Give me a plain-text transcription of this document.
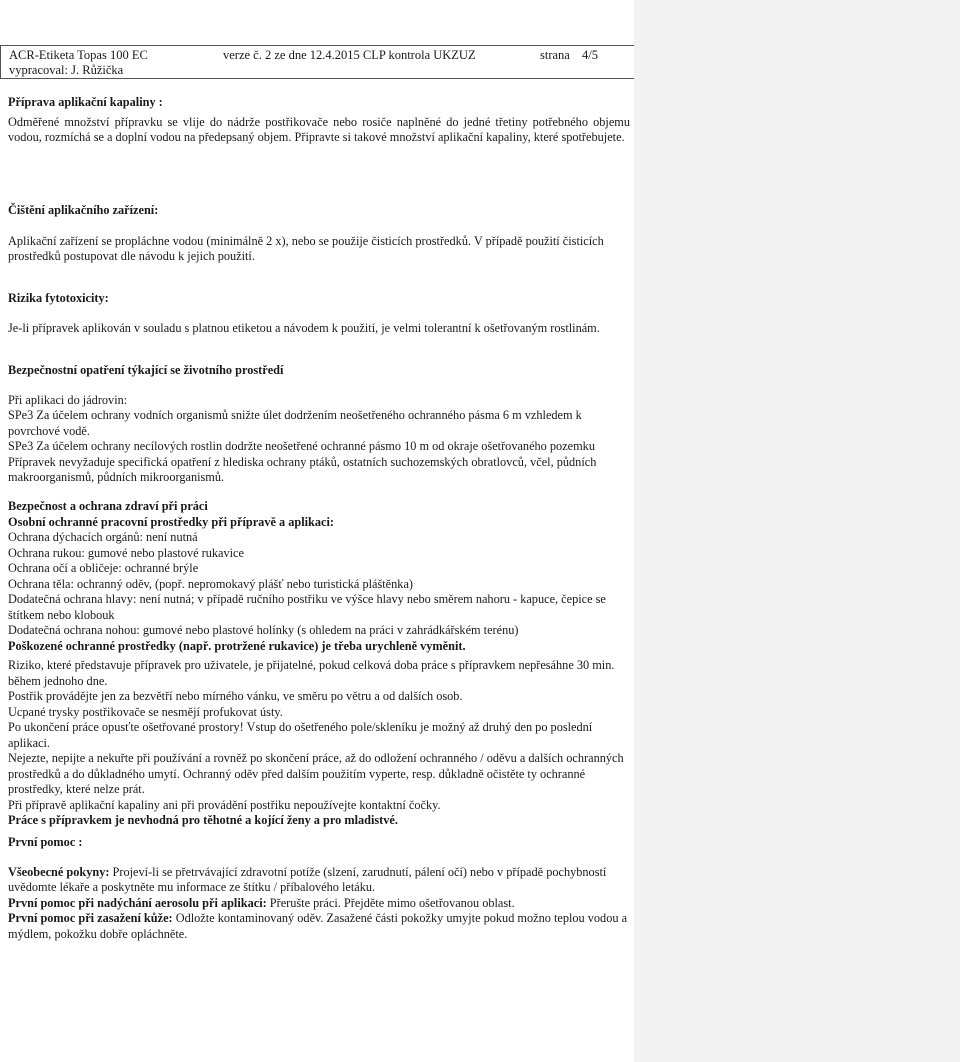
ACR-Etiketa Topas 100 EC	verze č. 2 ze dne 12.4.2015 CLP kontrola UKZUZ	strana 4/5
vypracoval: J. Růžička

Příprava aplikační kapaliny :

Odměřené množství přípravku se vlije do nádrže postřikovače nebo rosiče naplněné do jedné třetiny potřebného objemu vodou, rozmíchá se a doplní vodou na předepsaný objem. Připravte si takové množství aplikační kapaliny, které spotřebujete.

Čištění aplikačního zařízení:

Aplikační zařízení se propláchne vodou (minimálně 2 x), nebo se použije čisticích prostředků. V případě použití čisticích prostředků postupovat dle návodu k jejich použití.

Rizika fytotoxicity:

Je-li přípravek aplikován v souladu s platnou etiketou a návodem k použití, je velmi tolerantní k ošetřovaným rostlinám.

Bezpečnostní opatření týkající se životního prostředí

Při aplikaci do jádrovin:

SPe3 Za účelem ochrany vodních organismů snižte úlet dodržením neošetřeného ochranného pásma 6 m vzhledem k povrchové vodě.

SPe3 Za účelem ochrany necílových rostlin dodržte neošetřené ochranné pásmo 10 m od okraje ošetřovaného pozemku

Přípravek nevyžaduje specifická opatření z hlediska ochrany ptáků, ostatních suchozemských obratlovců, včel, půdních makroorganismů, půdních mikroorganismů.

Bezpečnost a ochrana zdraví při práci

Osobní ochranné pracovní prostředky při přípravě a aplikaci:

Ochrana dýchacích orgánů: není nutná

Ochrana rukou: gumové nebo plastové rukavice

Ochrana očí a obličeje: ochranné brýle

Ochrana těla: ochranný oděv, (popř. nepromokavý plášť nebo turistická pláštěnka)

Dodatečná ochrana hlavy: není nutná; v případě ručního postřiku ve výšce hlavy nebo směrem nahoru - kapuce, čepice se štítkem nebo klobouk

Dodatečná ochrana nohou: gumové nebo plastové holínky (s ohledem na práci v zahrádkářském terénu)

Poškozené ochranné prostředky (např. protržené rukavice) je třeba urychleně vyměnit.

Riziko, které představuje přípravek pro uživatele, je přijatelné, pokud celková doba práce s přípravkem nepřesáhne 30 min. během jednoho dne.

Postřik provádějte jen za bezvětří nebo mírného vánku, ve směru po větru a od dalších osob.

Ucpané trysky postřikovače se nesmějí profukovat ústy.

Po ukončení práce opusťte ošetřované prostory! Vstup do ošetřeného pole/skleníku je možný až druhý den po poslední aplikaci.

Nejezte, nepijte a nekuřte při používání a rovněž po skončení práce, až do odložení ochranného / oděvu a dalších ochranných prostředků a do důkladného umytí. Ochranný oděv před dalším použitím vyperte, resp. důkladně očistěte ty ochranné prostředky, které nelze prát.

Při přípravě aplikační kapaliny ani při provádění postřiku nepoužívejte kontaktní čočky.

Práce s přípravkem je nevhodná pro těhotné a kojící ženy a pro mladistvé.

První pomoc :

Všeobecné pokyny: Projeví-li se přetrvávající zdravotní potíže (slzení, zarudnutí, pálení očí) nebo v případě pochybností uvědomte lékaře a poskytněte mu informace ze štítku / příbalového letáku.

První pomoc při nadýchání aerosolu při aplikaci: Přerušte práci. Přejděte mimo ošetřovanou oblast.

První pomoc při zasažení kůže: Odložte kontaminovaný oděv. Zasažené části pokožky umyjte pokud možno teplou vodou a mýdlem, pokožku dobře opláchněte.
